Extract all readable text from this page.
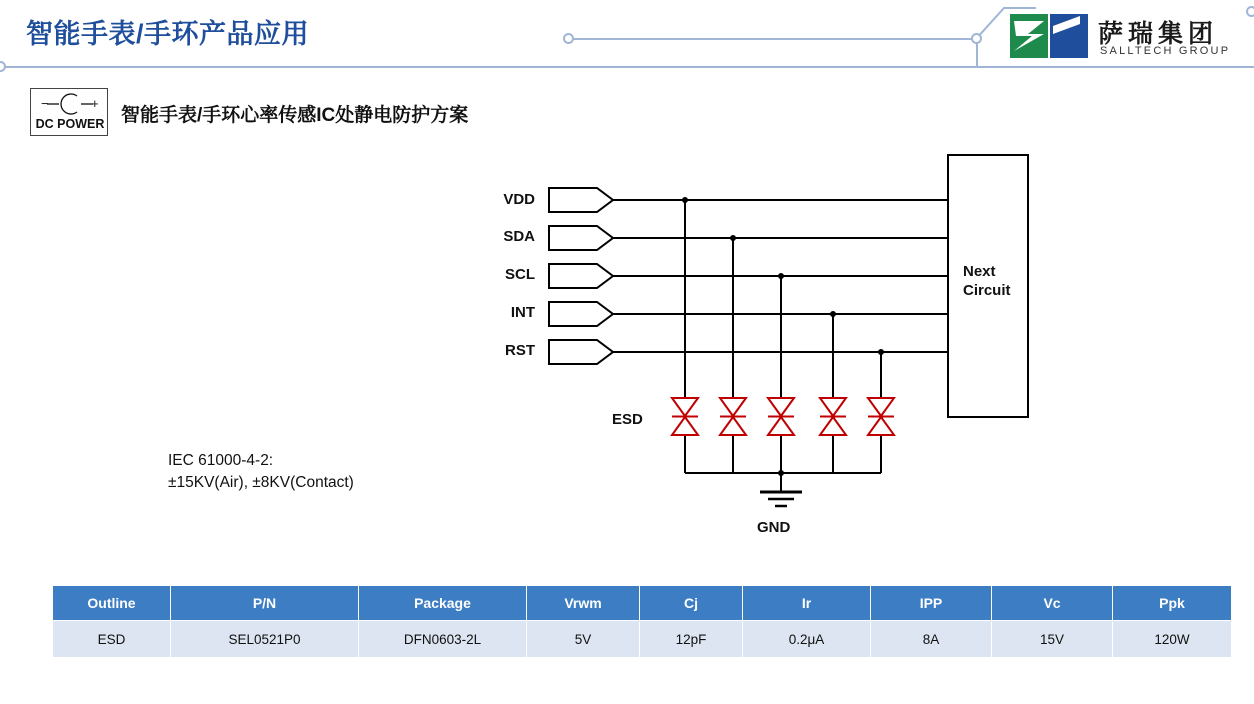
智能手表/手环产品应用	萨瑞集团
SALLTECH GROUP
−	+
DC POWER 智能手表/手环心率传感IC处静电防护方案
IEC 61000-4-2:
±15KV(Air), ±8KV(Contact)
VDD
SDA
SCL
INT
RST
ESD
GND
Next
Circuit
Outline	P/N	Package	Vrwm	Cj	Ir	IPP	Vc	Ppk
ESD	SEL0521P0	DFN0603-2L	5V	12pF	0.2μA	8A	15V	120W
